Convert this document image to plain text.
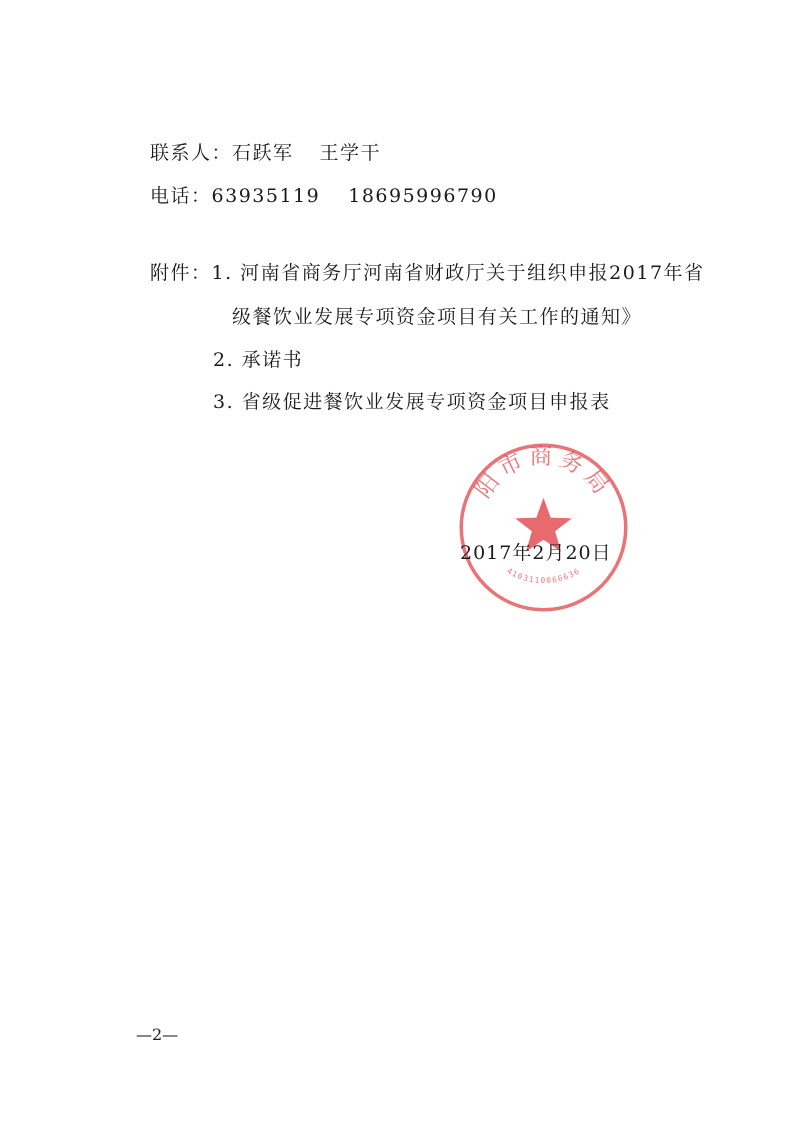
联系人：石跃军 王学干
电话：63935119 18695996790
附件：1. 河南省商务厅河南省财政厅关于组织申报2017年省
级餐饮业发展专项资金项目有关工作的通知》
2. 承诺书
3. 省级促进餐饮业发展专项资金项目申报表
阳市商务局
4103110066636
2017年2月20日
—2—
